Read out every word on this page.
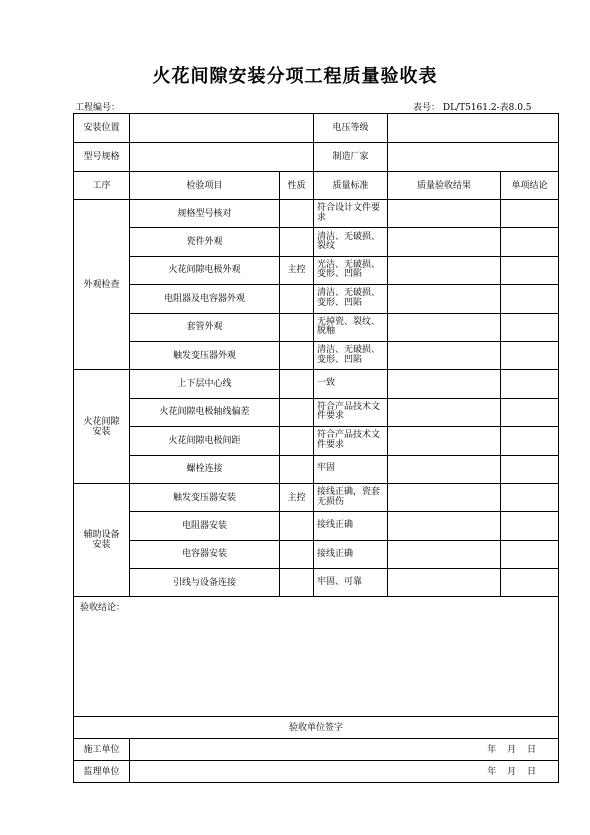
火花间隙安装分项工程质量验收表
工程编号：	表号： DL/T5161.2-表8.0.5
安装位置			电压等级		
型号规格			制造厂家		
工序	检验项目	性质	质量标准	质量验收结果	单项结论
外观检查	规格型号核对		符合设计文件要求		
	瓷件外观		清洁、无破损、裂纹		
	火花间隙电极外观	主控	光洁、无破损、变形、凹陷		
	电阻器及电容器外观		清洁、无破损、变形、凹陷		
	套管外观		无掉瓷、裂纹、脱釉		
	触发变压器外观		清洁、无破损、变形、凹陷		
火花间隙安装	上下层中心线		一致		
	火花间隙电极轴线偏差		符合产品技术文件要求		
	火花间隙电极间距		符合产品技术文件要求		
	螺栓连接		牢固		
辅助设备安装	触发变压器安装	主控	接线正确，瓷套无损伤		
	电阻器安装		接线正确		
	电容器安装		接线正确		
	引线与设备连接		牢固、可靠		
验收结论：					
验收单位签字					
施工单位	年 月 日				
监理单位	年 月 日				
